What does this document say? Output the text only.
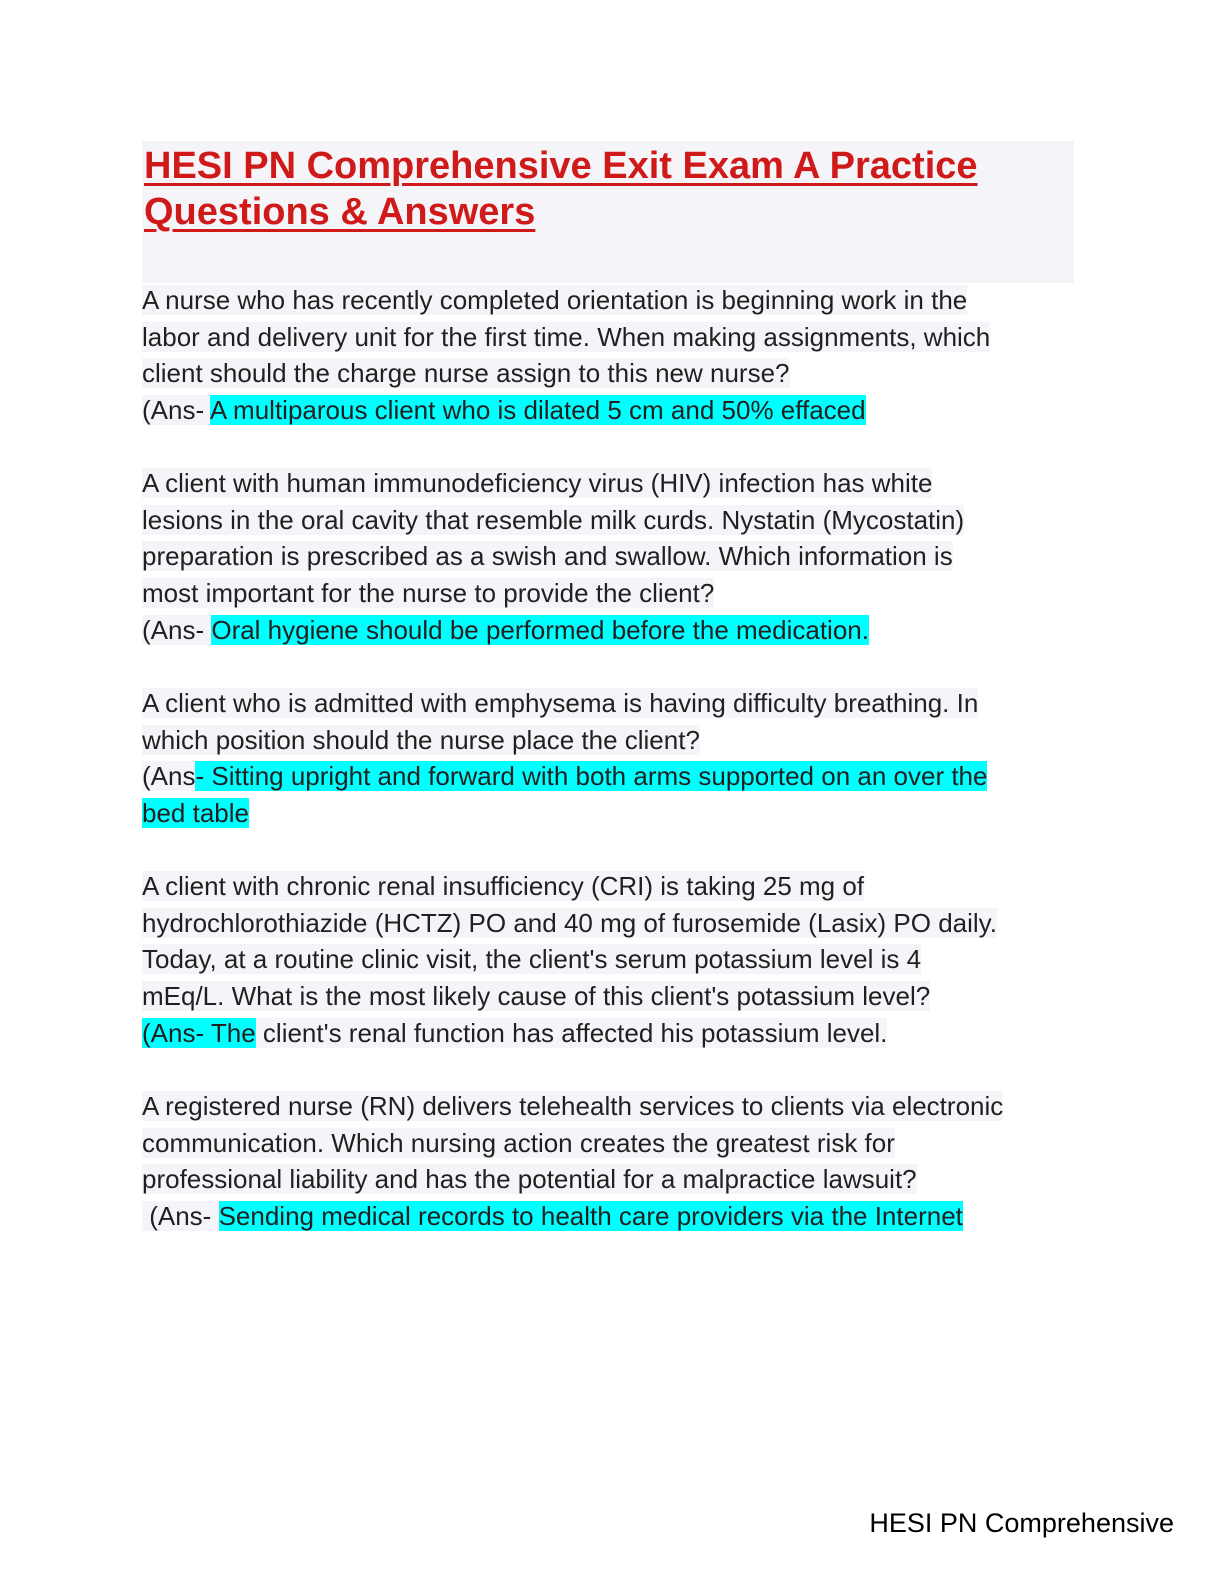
HESI PN Comprehensive Exit Exam A Practice
Questions & Answers
A nurse who has recently completed orientation is beginning work in the
labor and delivery unit for the first time. When making assignments, which
client should the charge nurse assign to this new nurse?
(Ans- A multiparous client who is dilated 5 cm and 50% effaced
A client with human immunodeficiency virus (HIV) infection has white
lesions in the oral cavity that resemble milk curds. Nystatin (Mycostatin)
preparation is prescribed as a swish and swallow. Which information is
most important for the nurse to provide the client?
(Ans- Oral hygiene should be performed before the medication.
A client who is admitted with emphysema is having difficulty breathing. In
which position should the nurse place the client?
(Ans- Sitting upright and forward with both arms supported on an over the
bed table
A client with chronic renal insufficiency (CRI) is taking 25 mg of
hydrochlorothiazide (HCTZ) PO and 40 mg of furosemide (Lasix) PO daily.
Today, at a routine clinic visit, the client's serum potassium level is 4
mEq/L. What is the most likely cause of this client's potassium level?
(Ans- The client's renal function has affected his potassium level.
A registered nurse (RN) delivers telehealth services to clients via electronic
communication. Which nursing action creates the greatest risk for
professional liability and has the potential for a malpractice lawsuit?
(Ans- Sending medical records to health care providers via the Internet
HESI PN Comprehensive
